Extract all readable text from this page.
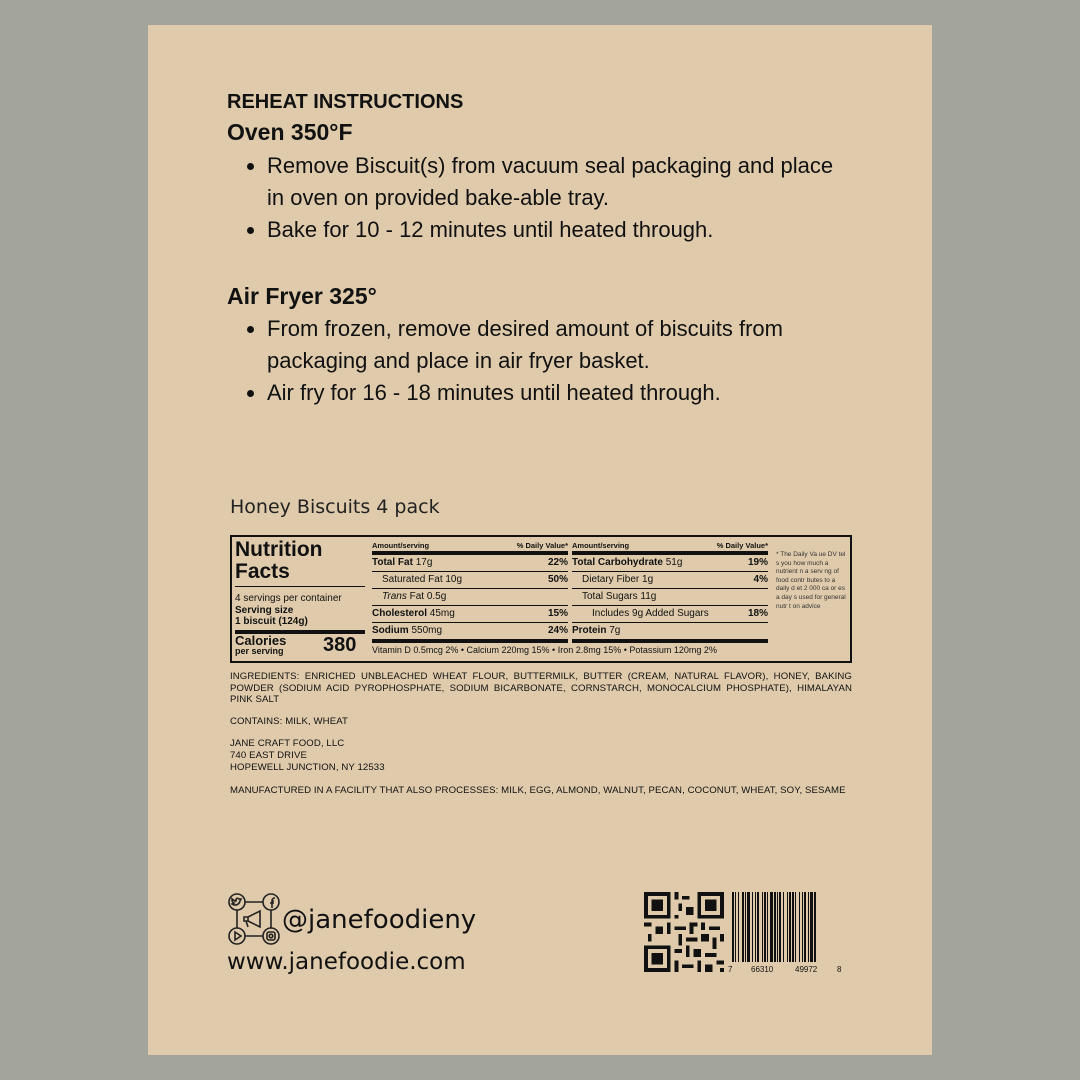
REHEAT INSTRUCTIONS
Oven 350°F
• Remove Biscuit(s) from vacuum seal packaging and place in oven on provided bake-able tray.
• Bake for 10 - 12 minutes until heated through.
Air Fryer 325°
• From frozen, remove desired amount of biscuits from packaging and place in air fryer basket.
• Air fry for 16 - 18 minutes until heated through.
Honey Biscuits 4 pack
Nutrition
Facts
4 servings per container
Serving size
1 biscuit (124g)
Calories
per serving 380
Amount/serving	% Daily Value*
Total Fat 17g	22%
Saturated Fat 10g	50%
Trans Fat 0.5g
Cholesterol 45mg	15%
Sodium 550mg	24%
Amount/serving	% Daily Value*
Total Carbohydrate 51g	19%
Dietary Fiber 1g	4%
Total Sugars 11g
Includes 9g Added Sugars	18%
Protein 7g
* The Daily Va ue DV tel s you how much a nutrient n a serv ng of food contr butes to a daily d et 2 000 ca or es a day s used for general nutr t on advice
Vitamin D 0.5mcg 2% • Calcium 220mg 15% • Iron 2.8mg 15% • Potassium 120mg 2%
INGREDIENTS: ENRICHED UNBLEACHED WHEAT FLOUR, BUTTERMILK, BUTTER (CREAM, NATURAL FLAVOR), HONEY, BAKING POWDER (SODIUM ACID PYROPHOSPHATE, SODIUM BICARBONATE, CORNSTARCH, MONOCALCIUM PHOSPHATE), HIMALAYAN PINK SALT
CONTAINS: MILK, WHEAT
JANE CRAFT FOOD, LLC
740 EAST DRIVE
HOPEWELL JUNCTION, NY 12533
MANUFACTURED IN A FACILITY THAT ALSO PROCESSES: MILK, EGG, ALMOND, WALNUT, PECAN, COCONUT, WHEAT, SOY, SESAME
@janefoodieny
www.janefoodie.com	7 66310	49972 8
